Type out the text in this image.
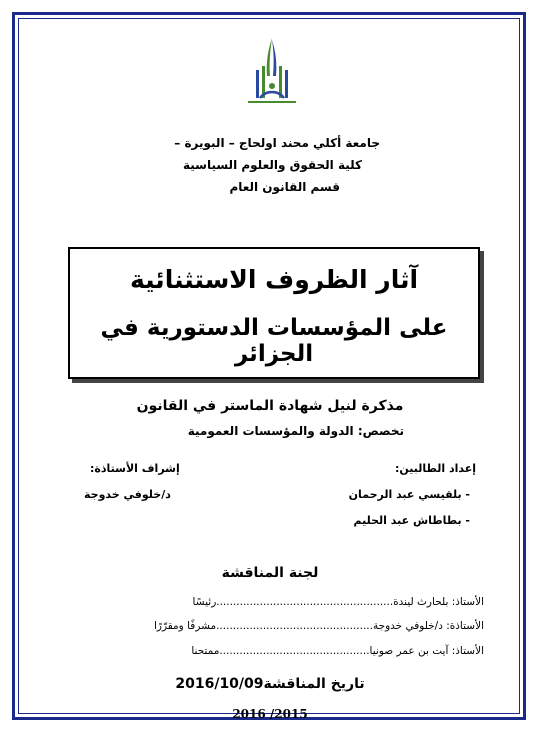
جامعة أكلي محند اولحاج – البويرة –
كلية الحقوق والعلوم السياسية
قسم القانون العام
آثار الظروف الاستثنائية
على المؤسسات الدستورية في الجزائر
مذكرة لنيل شهادة الماستر في القانون
تخصص: الدولة والمؤسسات العمومية
إعداد الطالبين:
- بلقيسي عبد الرحمان
- بطاطاش عبد الحليم
إشراف الأستاذة:
د/خلوفي خدوجة
لجنة المناقشة
الأستاذ: بلحارث ليندة.....................................................رئيسًا
الأستاذة: د/خلوفي خدوجة...............................................مشرفًا ومقرّرًا
الأستاذ: آيت بن عمر صونيا.............................................ممتحنا
تاريخ المناقشة2016/10/09
2016 /2015
